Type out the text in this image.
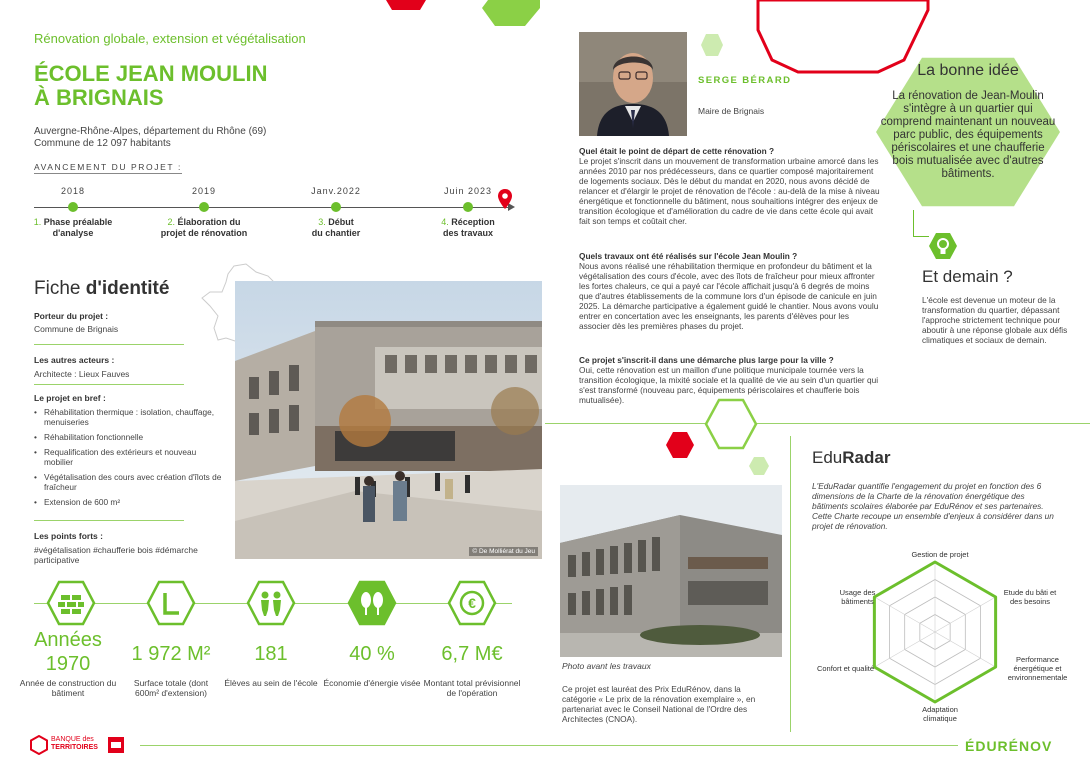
Rénovation globale, extension et végétalisation
ÉCOLE JEAN MOULIN
À BRIGNAIS
Auvergne-Rhône-Alpes, département du Rhône (69)
Commune de 12 097 habitants
AVANCEMENT DU PROJET :
2018	2019	Janv.2022	Juin 2023
1. Phase préalable
d'analyse
2. Élaboration du
projet de rénovation
3. Début
du chantier
4. Réception
des travaux
Fiche d'identité
Porteur du projet :
Commune de Brignais
Les autres acteurs :
Architecte : Lieux Fauves
Le projet en bref :
• Réhabilitation thermique : isolation, chauffage, menuiseries
• Réhabilitation fonctionnelle
• Requalification des extérieurs et nouveau mobilier
• Végétalisation des cours avec création d'îlots de fraîcheur
• Extension de 600 m²
Les points forts :
#végétalisation #chaufferie bois #démarche participative
© De Molliérat du Jeu
Années
1970
Année de construction du bâtiment
1 972 M²
Surface totale (dont 600m² d'extension)
181
Élèves au sein de l'école
40 %
Économie d'énergie visée
€
6,7 M€
Montant total prévisionnel de l'opération
SERGE BÉRARD
Maire de Brignais
Quel était le point de départ de cette rénovation ?
Le projet s'inscrit dans un mouvement de transformation urbaine amorcé dans les années 2010 par nos prédécesseurs, dans ce quartier composé majoritairement de logements sociaux. Dès le début du mandat en 2020, nous avons décidé de relancer et d'élargir le projet de rénovation de l'école : au-delà de la mise à niveau énergétique et fonctionnelle du bâtiment, nous souhaitions intégrer des enjeux de transition écologique et d'amélioration du cadre de vie dans cette école qui avait fait son temps et coûtait cher.
Quels travaux ont été réalisés sur l'école Jean Moulin ?
Nous avons réalisé une réhabilitation thermique en profondeur du bâtiment et la végétalisation des cours d'école, avec des îlots de fraîcheur pour mieux affronter les fortes chaleurs, ce qui a payé car l'école affichait jusqu'à 6 degrés de moins que d'autres établissements de la commune lors d'un épisode de canicule en juin 2025. La démarche participative a également guidé le chantier. Nous avons voulu entrer en concertation avec les enseignants, les parents d'élèves pour les associer dès les premières phases du projet.
Ce projet s'inscrit-il dans une démarche plus large pour la ville ?
Oui, cette rénovation est un maillon d'une politique municipale tournée vers la transition écologique, la mixité sociale et la qualité de vie au sein d'un quartier qui s'est transformé (nouveau parc, équipements périscolaires et chaufferie bois mutualisée).
La bonne idée
La rénovation de Jean-Moulin s'intègre à un quartier qui comprend maintenant un nouveau parc public, des équipements périscolaires et une chaufferie bois mutualisée avec d'autres bâtiments.
Et demain ?
L'école est devenue un moteur de la transformation du quartier, dépassant l'approche strictement technique pour aboutir à une réponse globale aux défis climatiques et sociaux de demain.
Photo avant les travaux
Ce projet est lauréat des Prix EduRénov, dans la catégorie « Le prix de la rénovation exemplaire », en partenariat avec le Conseil National de l'Ordre des Architectes (CNOA).
EduRadar
L'EduRadar quantifie l'engagement du projet en fonction des 6 dimensions de la Charte de la rénovation énergétique des bâtiments scolaires élaborée par EduRénov et ses partenaires. Cette Charte recoupe un ensemble d'enjeux à considérer dans un projet de rénovation.
Gestion de projet
Etude du bâti et
des besoins
Performance
énergétique et
environnementale
Adaptation
climatique
Confort et qualité
Usage des
bâtiments
BANQUE des
TERRITOIRES	ÉDURÉNOV
